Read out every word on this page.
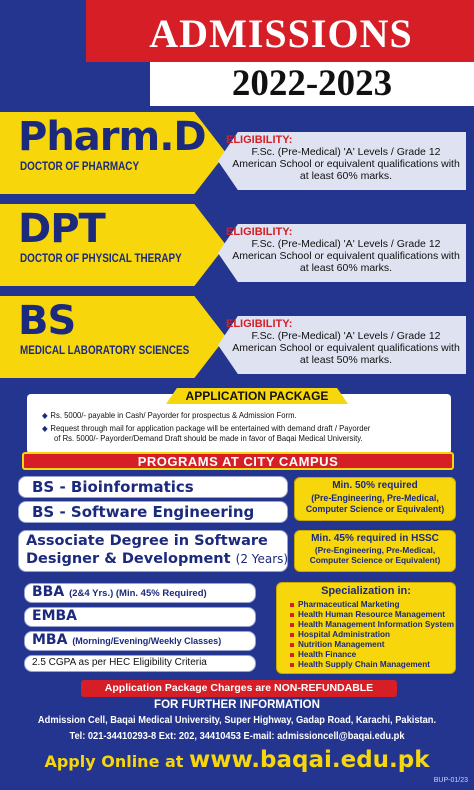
ADMISSIONS
2022-2023
Pharm.D
DOCTOR OF PHARMACY
ELIGIBILITY:
F.Sc. (Pre-Medical) 'A' Levels / Grade 12 American School or equivalent qualifications with at least 60% marks.
DPT
DOCTOR OF PHYSICAL THERAPY
ELIGIBILITY:
F.Sc. (Pre-Medical) 'A' Levels / Grade 12 American School or equivalent qualifications with at least 60% marks.
BS
MEDICAL LABORATORY SCIENCES
ELIGIBILITY:
F.Sc. (Pre-Medical) 'A' Levels / Grade 12 American School or equivalent qualifications with at least 50% marks.
APPLICATION PACKAGE
◆ Rs. 5000/- payable in Cash/ Payorder for prospectus & Admission Form.
◆ Request through mail for application package will be entertained with demand draft / Payorder
of Rs. 5000/- Payorder/Demand Draft should be made in favor of Baqai Medical University.
PROGRAMS AT CITY CAMPUS
BS - Bioinformatics
BS - Software Engineering
Min. 50% required
(Pre-Engineering, Pre-Medical, Computer Science or Equivalent)
Associate Degree in Software
Designer & Development (2 Years)
Min. 45% required in HSSC
(Pre-Engineering, Pre-Medical, Computer Science or Equivalent)
BBA (2&4 Yrs.) (Min. 45% Required)
EMBA
MBA (Morning/Evening/Weekly Classes)
2.5 CGPA as per HEC Eligibility Criteria
Specialization in:
Pharmaceutical Marketing
Health Human Resource Management
Health Management Information System
Hospital Administration
Nutrition Management
Health Finance
Health Supply Chain Management
Application Package Charges are NON-REFUNDABLE
FOR FURTHER INFORMATION
Admission Cell, Baqai Medical University, Super Highway, Gadap Road, Karachi, Pakistan.
Tel: 021-34410293-8 Ext: 202, 34410453 E-mail: admissioncell@baqai.edu.pk
Apply Online at www.baqai.edu.pk
BUP-01/23
